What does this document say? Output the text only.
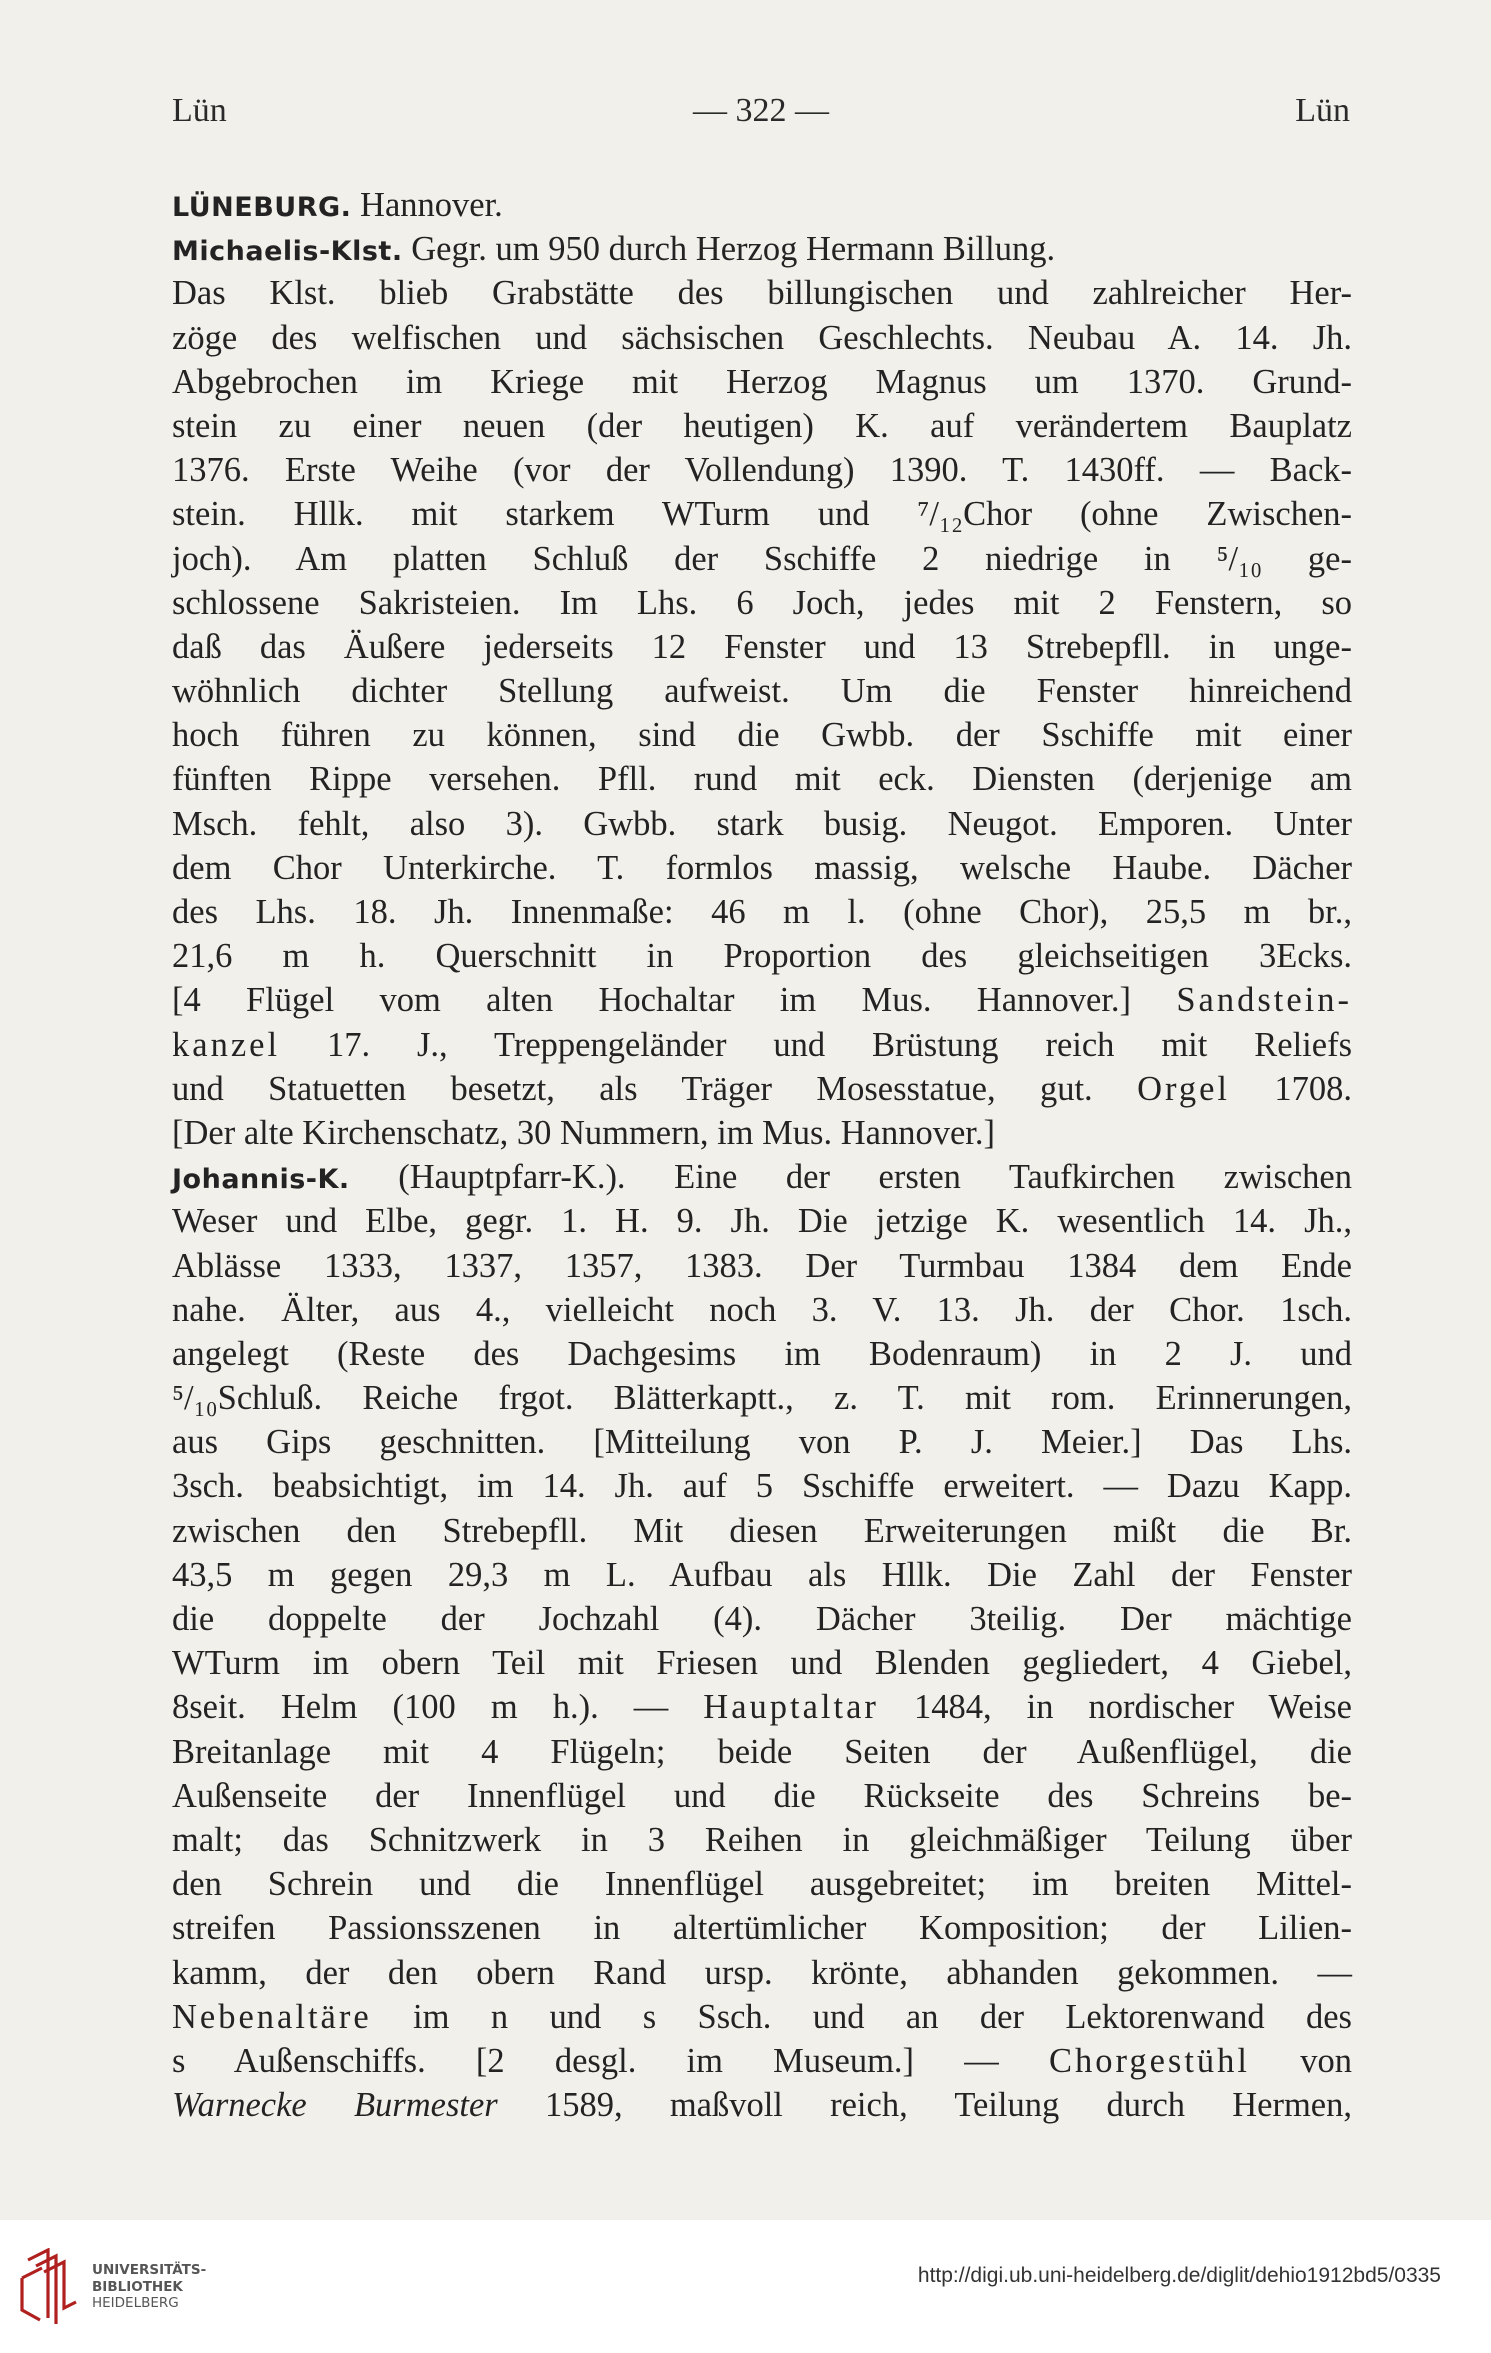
Lün	— 322 —	Lün
LÜNEBURG. Hannover.
Michaelis-Klst. Gegr. um 950 durch Herzog Hermann Billung.
Das Klst. blieb Grabstätte des billungischen und zahlreicher Her-
zöge des welfischen und sächsischen Geschlechts. Neubau A. 14. Jh.
Abgebrochen im Kriege mit Herzog Magnus um 1370. Grund-
stein zu einer neuen (der heutigen) K. auf verändertem Bauplatz
1376. Erste Weihe (vor der Vollendung) 1390. T. 1430ff. — Back-
stein. Hllk. mit starkem WTurm und ⁷/₁₂Chor (ohne Zwischen-
joch). Am platten Schluß der Sschiffe 2 niedrige in ⁵/₁₀ ge-
schlossene Sakristeien. Im Lhs. 6 Joch, jedes mit 2 Fenstern, so
daß das Äußere jederseits 12 Fenster und 13 Strebepfll. in unge-
wöhnlich dichter Stellung aufweist. Um die Fenster hinreichend
hoch führen zu können, sind die Gwbb. der Sschiffe mit einer
fünften Rippe versehen. Pfll. rund mit eck. Diensten (derjenige am
Msch. fehlt, also 3). Gwbb. stark busig. Neugot. Emporen. Unter
dem Chor Unterkirche. T. formlos massig, welsche Haube. Dächer
des Lhs. 18. Jh. Innenmaße: 46 m l. (ohne Chor), 25,5 m br.,
21,6 m h. Querschnitt in Proportion des gleichseitigen 3Ecks.
[4 Flügel vom alten Hochaltar im Mus. Hannover.] Sandstein-
kanzel 17. J., Treppengeländer und Brüstung reich mit Reliefs
und Statuetten besetzt, als Träger Mosesstatue, gut. Orgel 1708.
[Der alte Kirchenschatz, 30 Nummern, im Mus. Hannover.]
Johannis-K. (Hauptpfarr-K.). Eine der ersten Taufkirchen zwischen
Weser und Elbe, gegr. 1. H. 9. Jh. Die jetzige K. wesentlich 14. Jh.,
Ablässe 1333, 1337, 1357, 1383. Der Turmbau 1384 dem Ende
nahe. Älter, aus 4., vielleicht noch 3. V. 13. Jh. der Chor. 1sch.
angelegt (Reste des Dachgesims im Bodenraum) in 2 J. und
⁵/₁₀Schluß. Reiche frgot. Blätterkaptt., z. T. mit rom. Erinnerungen,
aus Gips geschnitten. [Mitteilung von P. J. Meier.] Das Lhs.
3sch. beabsichtigt, im 14. Jh. auf 5 Sschiffe erweitert. — Dazu Kapp.
zwischen den Strebepfll. Mit diesen Erweiterungen mißt die Br.
43,5 m gegen 29,3 m L. Aufbau als Hllk. Die Zahl der Fenster
die doppelte der Jochzahl (4). Dächer 3teilig. Der mächtige
WTurm im obern Teil mit Friesen und Blenden gegliedert, 4 Giebel,
8seit. Helm (100 m h.). — Hauptaltar 1484, in nordischer Weise
Breitanlage mit 4 Flügeln; beide Seiten der Außenflügel, die
Außenseite der Innenflügel und die Rückseite des Schreins be-
malt; das Schnitzwerk in 3 Reihen in gleichmäßiger Teilung über
den Schrein und die Innenflügel ausgebreitet; im breiten Mittel-
streifen Passionsszenen in altertümlicher Komposition; der Lilien-
kamm, der den obern Rand ursp. krönte, abhanden gekommen. —
Nebenaltäre im n und s Ssch. und an der Lektorenwand des
s Außenschiffs. [2 desgl. im Museum.] — Chorgestühl von
Warnecke Burmester 1589, maßvoll reich, Teilung durch Hermen,
UNIVERSITÄTS-
BIBLIOTHEK
HEIDELBERG
http://digi.ub.uni-heidelberg.de/diglit/dehio1912bd5/0335
